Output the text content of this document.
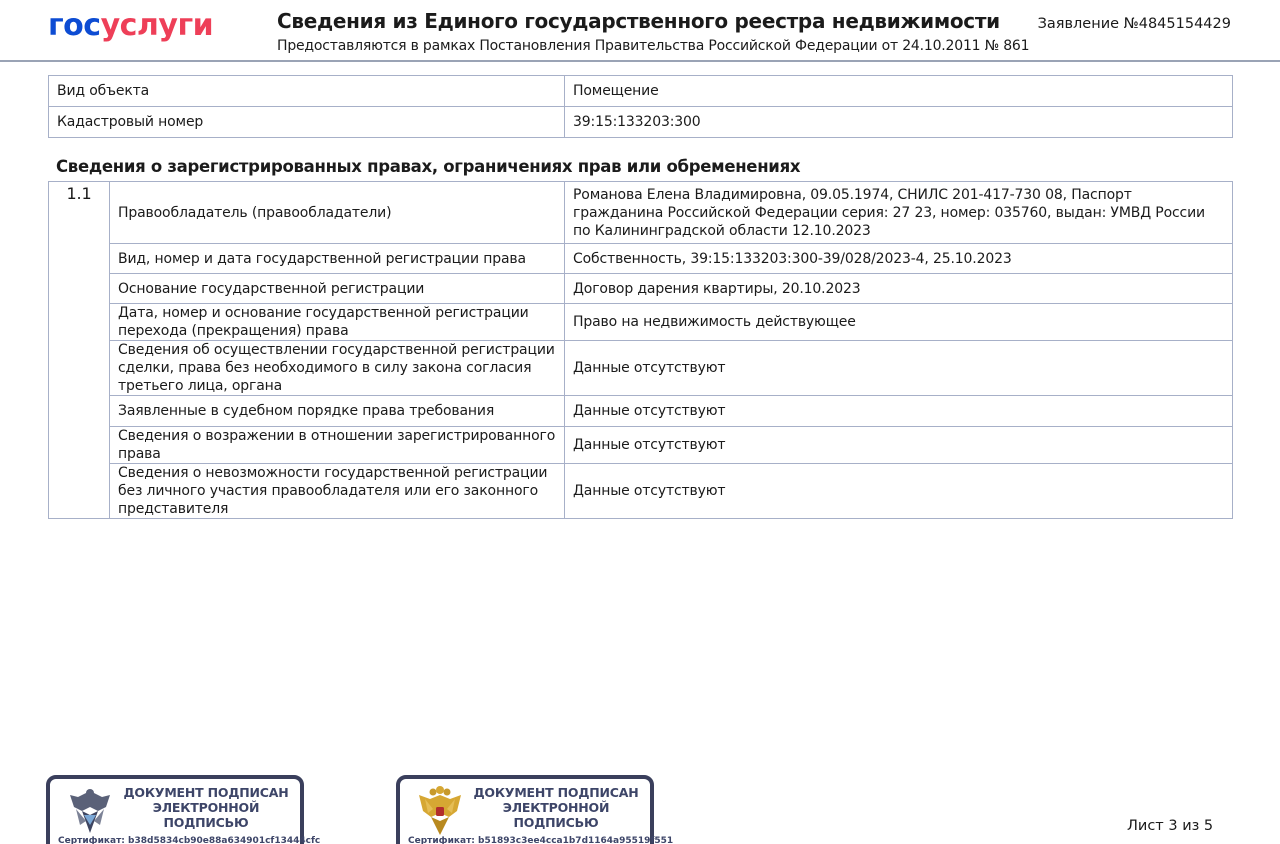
госуслуги	Сведения из Единого государственного реестра недвижимости
Предоставляются в рамках Постановления Правительства Российской Федерации от 24.10.2011 № 861
Заявление №4845154429
Вид объекта	Помещение
Кадастровый номер	39:15:133203:300
Сведения о зарегистрированных правах, ограничениях прав или обременениях
1.1	Правообладатель (правообладатели)	Романова Елена Владимировна, 09.05.1974, СНИЛС 201-417-730 08, Паспорт гражданина Российской Федерации серия: 27 23, номер: 035760, выдан: УМВД России по Калининградской области 12.10.2023
	Вид, номер и дата государственной регистрации права	Собственность, 39:15:133203:300-39/028/2023-4, 25.10.2023
	Основание государственной регистрации	Договор дарения квартиры, 20.10.2023
	Дата, номер и основание государственной регистрации перехода (прекращения) права	Право на недвижимость действующее
	Сведения об осуществлении государственной регистрации сделки, права без необходимого в силу закона согласия третьего лица, органа	Данные отсутствуют
	Заявленные в судебном порядке права требования	Данные отсутствуют
	Сведения о возражении в отношении зарегистрированного права	Данные отсутствуют
	Сведения о невозможности государственной регистрации без личного участия правообладателя или его законного представителя	Данные отсутствуют
ДОКУМЕНТ ПОДПИСАН
ЭЛЕКТРОННОЙ
ПОДПИСЬЮ
Сертификат: b38d5834cb90e88a634901cf13444cfc
ДОКУМЕНТ ПОДПИСАН
ЭЛЕКТРОННОЙ
ПОДПИСЬЮ
Сертификат: b51893c3ee4cca1b7d1164a95519f551
Лист 3 из 5
